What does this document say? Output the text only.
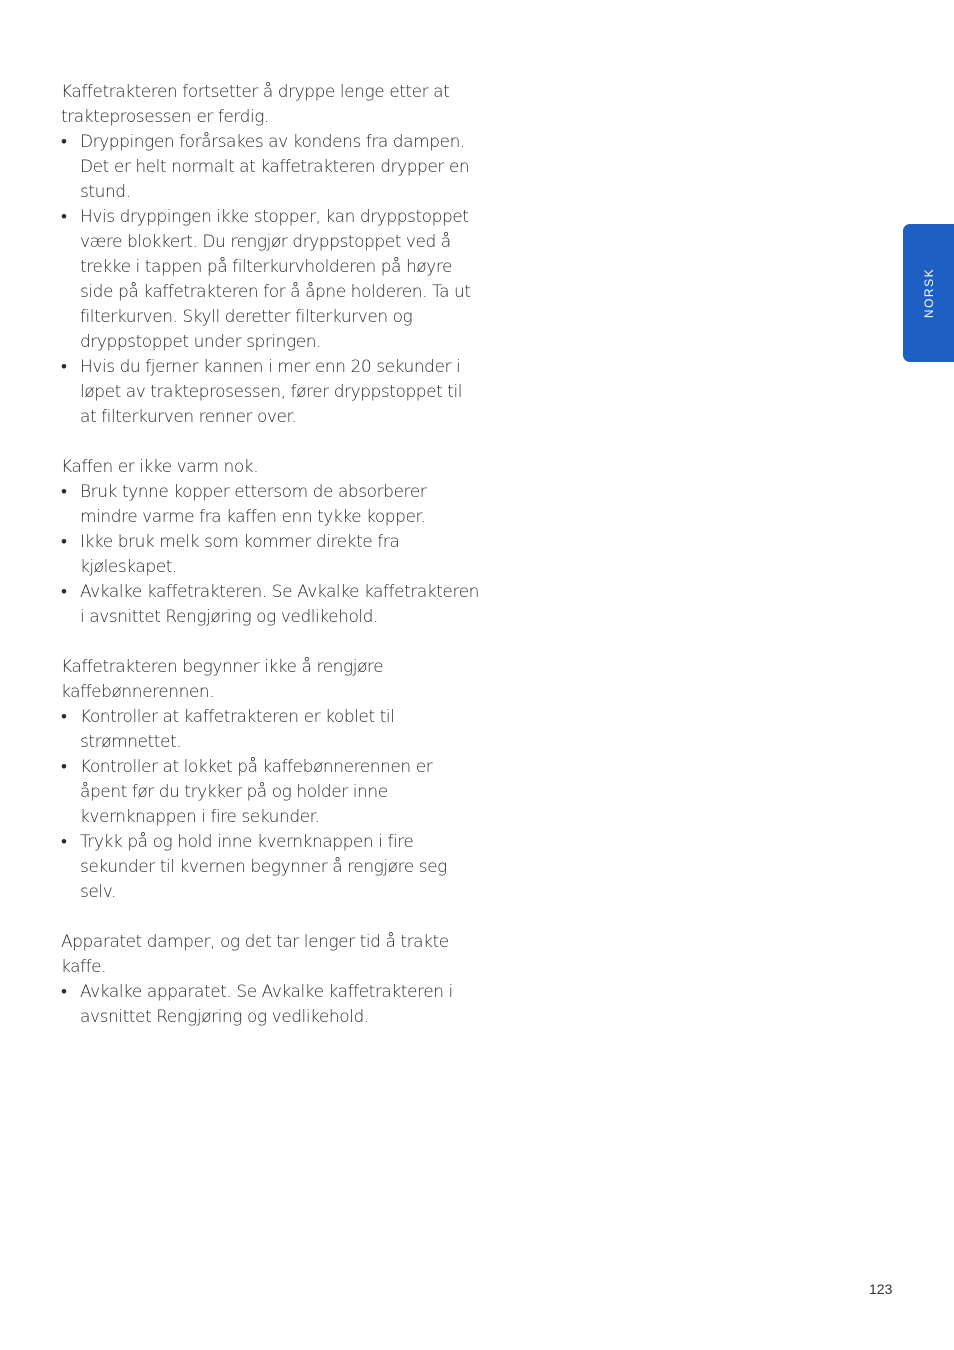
Kaffetrakteren fortsetter å dryppe lenge etter at trakteprosessen er ferdig.

• Dryppingen forårsakes av kondens fra dampen. Det er helt normalt at kaffetrakteren drypper en stund.
• Hvis dryppingen ikke stopper, kan dryppstoppet være blokkert. Du rengjør dryppstoppet ved å trekke i tappen på filterkurvholderen på høyre side på kaffetrakteren for å åpne holderen. Ta ut filterkurven. Skyll deretter filterkurven og dryppstoppet under springen.
• Hvis du fjerner kannen i mer enn 20 sekunder i løpet av trakteprosessen, fører dryppstoppet til at filterkurven renner over.

Kaffen er ikke varm nok.

• Bruk tynne kopper ettersom de absorberer mindre varme fra kaffen enn tykke kopper.
• Ikke bruk melk som kommer direkte fra kjøleskapet.
• Avkalke kaffetrakteren. Se Avkalke kaffetrakteren i avsnittet Rengjøring og vedlikehold.

Kaffetrakteren begynner ikke å rengjøre kaffebønnerennen.

• Kontroller at kaffetrakteren er koblet til strømnettet.
• Kontroller at lokket på kaffebønnerennen er åpent før du trykker på og holder inne kvernknappen i fire sekunder.
• Trykk på og hold inne kvernknappen i fire sekunder til kvernen begynner å rengjøre seg selv.

Apparatet damper, og det tar lenger tid å trakte kaffe.

• Avkalke apparatet. Se Avkalke kaffetrakteren i avsnittet Rengjøring og vedlikehold.
NORSK
123
